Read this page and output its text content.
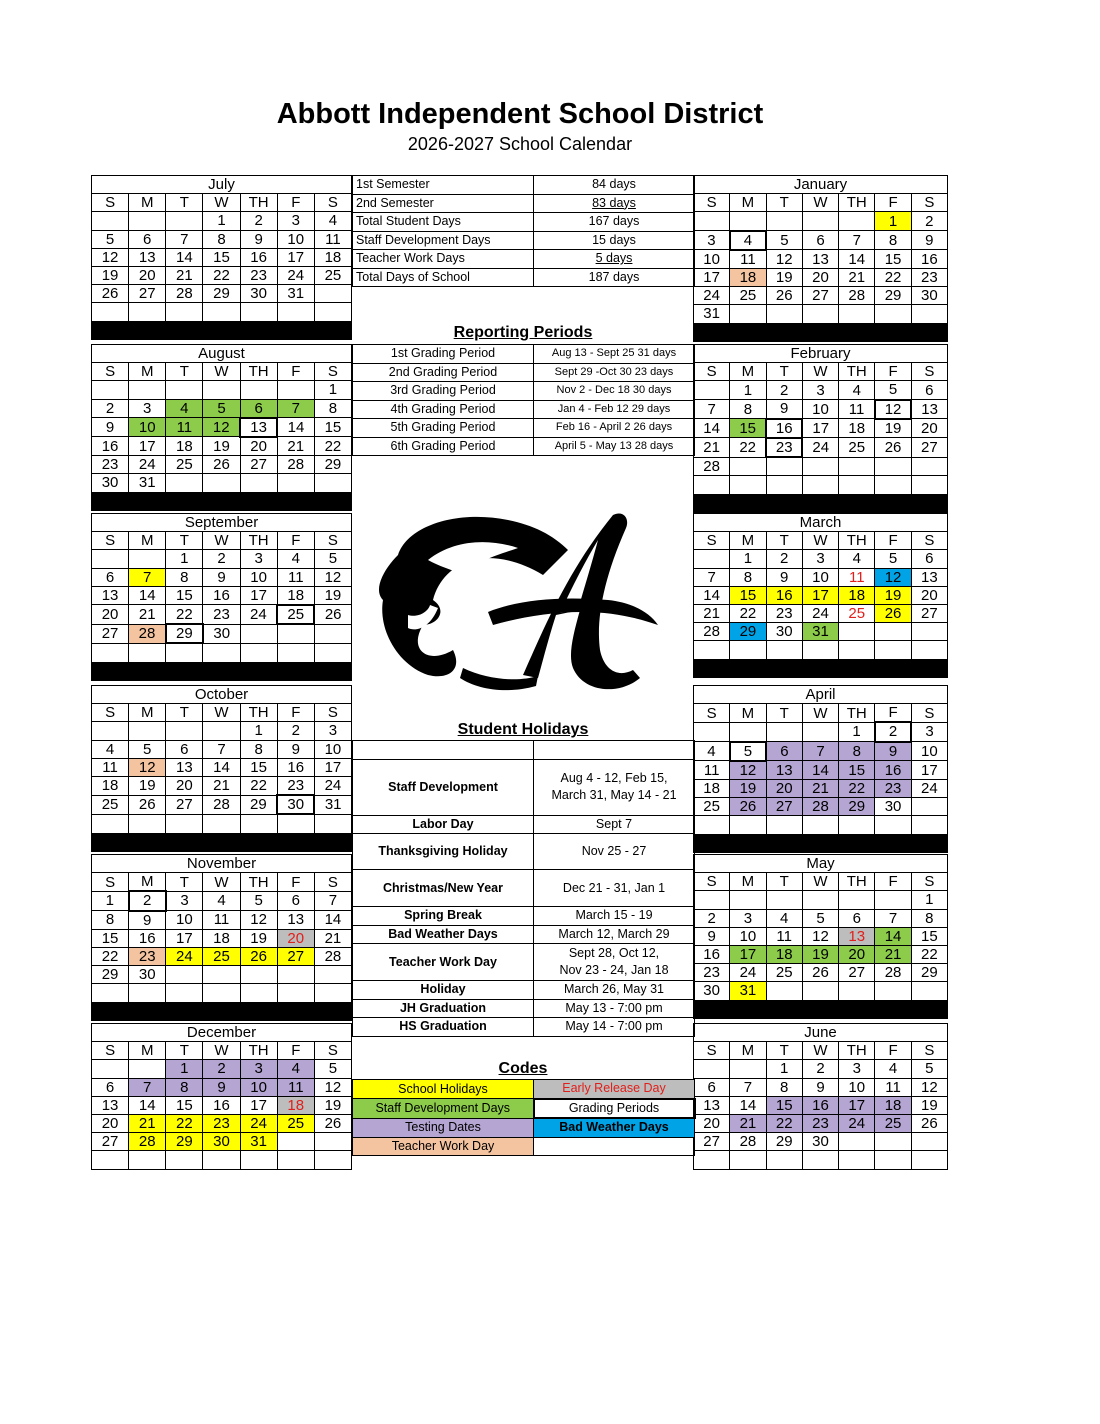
Abbott Independent School District
2026-2027 School Calendar
July						
S	M	T	W	TH	F	S
			1	2	3	4
5	6	7	8	9	10	11
12	13	14	15	16	17	18
19	20	21	22	23	24	25
26	27	28	29	30	31	

January						
S	M	T	W	TH	F	S
					1	2
3	4	5	6	7	8	9
10	11	12	13	14	15	16
17	18	19	20	21	22	23
24	25	26	27	28	29	30
31						

August						
S	M	T	W	TH	F	S
						1
2	3	4	5	6	7	8
9	10	11	12	13	14	15
16	17	18	19	20	21	22
23	24	25	26	27	28	29
30	31					

February						
S	M	T	W	TH	F	S
	1	2	3	4	5	6
7	8	9	10	11	12	13
14	15	16	17	18	19	20
21	22	23	24	25	26	27
28						

September						
S	M	T	W	TH	F	S
		1	2	3	4	5
6	7	8	9	10	11	12
13	14	15	16	17	18	19
20	21	22	23	24	25	26
27	28	29	30			

March						
S	M	T	W	TH	F	S
	1	2	3	4	5	6
7	8	9	10	11	12	13
14	15	16	17	18	19	20
21	22	23	24	25	26	27
28	29	30	31			

October						
S	M	T	W	TH	F	S
				1	2	3
4	5	6	7	8	9	10
11	12	13	14	15	16	17
18	19	20	21	22	23	24
25	26	27	28	29	30	31

April						
S	M	T	W	TH	F	S
				1	2	3
4	5	6	7	8	9	10
11	12	13	14	15	16	17
18	19	20	21	22	23	24
25	26	27	28	29	30	

November						
S	M	T	W	TH	F	S
1	2	3	4	5	6	7
8	9	10	11	12	13	14
15	16	17	18	19	20	21
22	23	24	25	26	27	28
29	30					

May						
S	M	T	W	TH	F	S
						1
2	3	4	5	6	7	8
9	10	11	12	13	14	15
16	17	18	19	20	21	22
23	24	25	26	27	28	29
30	31					

December						
S	M	T	W	TH	F	S
		1	2	3	4	5
6	7	8	9	10	11	12
13	14	15	16	17	18	19
20	21	22	23	24	25	26
27	28	29	30	31		

June						
S	M	T	W	TH	F	S
		1	2	3	4	5
6	7	8	9	10	11	12
13	14	15	16	17	18	19
20	21	22	23	24	25	26
27	28	29	30			

1st Semester	84 days
2nd Semester	83 days
Total Student Days	167 days
Staff Development Days	15 days
Teacher Work Days	5 days
Total Days of School	187 days
Reporting Periods
1st Grading Period	Aug 13 - Sept 25 31 days
2nd Grading Period	Sept 29 -Oct 30 23 days
3rd Grading Period	Nov 2 - Dec 18 30 days
4th Grading Period	Jan 4 - Feb 12 29 days
5th Grading Period	Feb 16 - April 2 26 days
6th Grading Period	April 5 - May 13 28 days
Student Holidays

Staff Development	Aug 4 - 12, Feb 15,
March 31, May 14 - 21
Labor Day	Sept 7
Thanksgiving Holiday	Nov 25 - 27
Christmas/New Year	Dec 21 - 31, Jan 1
Spring Break	March 15 - 19
Bad Weather Days	March 12, March 29
Teacher Work Day	Sept 28, Oct 12,
Nov 23 - 24, Jan 18
Holiday	March 26, May 31
JH Graduation	May 13 - 7:00 pm
HS Graduation	May 14 - 7:00 pm
Codes
School Holidays	Early Release Day
Staff Development Days	Grading Periods
Testing Dates	Bad Weather Days
Teacher Work Day	
